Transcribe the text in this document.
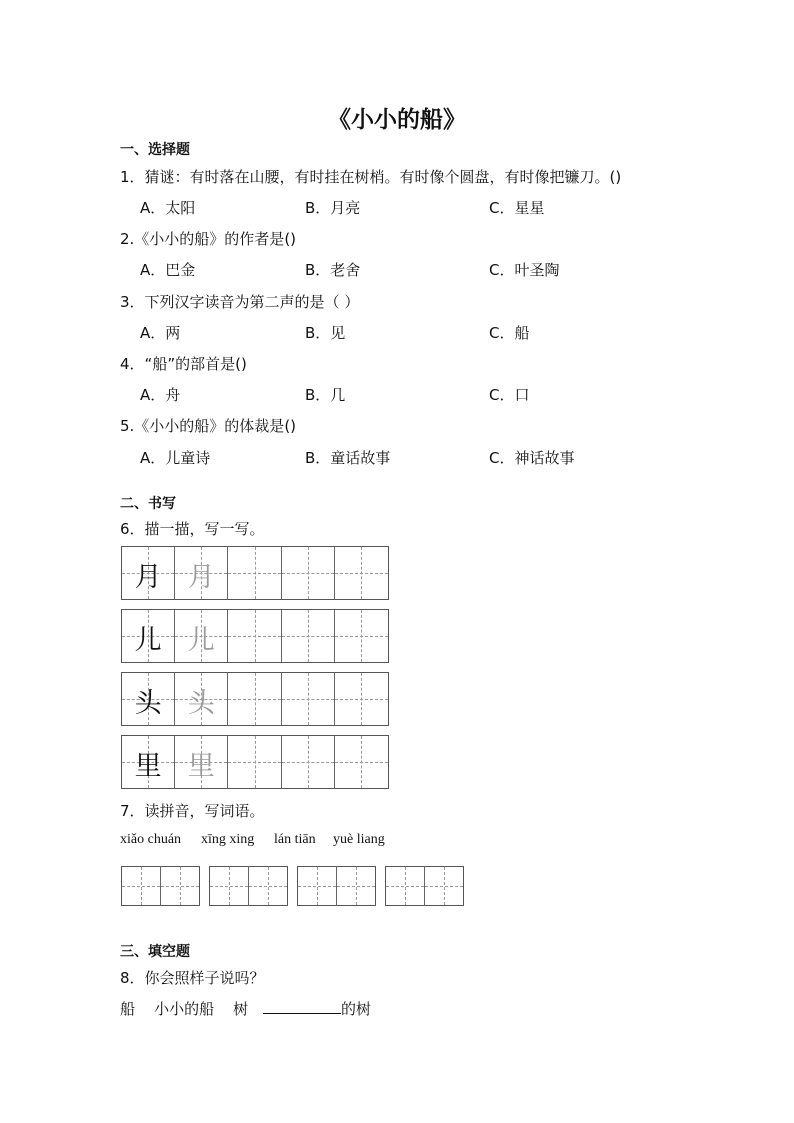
《小小的船》
一、选择题
1．猜谜：有时落在山腰，有时挂在树梢。有时像个圆盘，有时像把镰刀。()
A．太阳	B．月亮	C．星星
2.《小小的船》的作者是()
A．巴金	B．老舍	C．叶圣陶
3．下列汉字读音为第二声的是（ ）
A．两	B．见	C．船
4．“船”的部首是()
A．舟	B．几	C．口
5.《小小的船》的体裁是()
A．儿童诗	B．童话故事	C．神话故事
二、书写
6．描一描，写一写。
月 月
儿 儿
头 头
里 里
7．读拼音，写词语。
xiǎo chuán xīng xing lán tiān yuè liang
三、填空题
8．你会照样子说吗？
船    小小的船    树	的树
